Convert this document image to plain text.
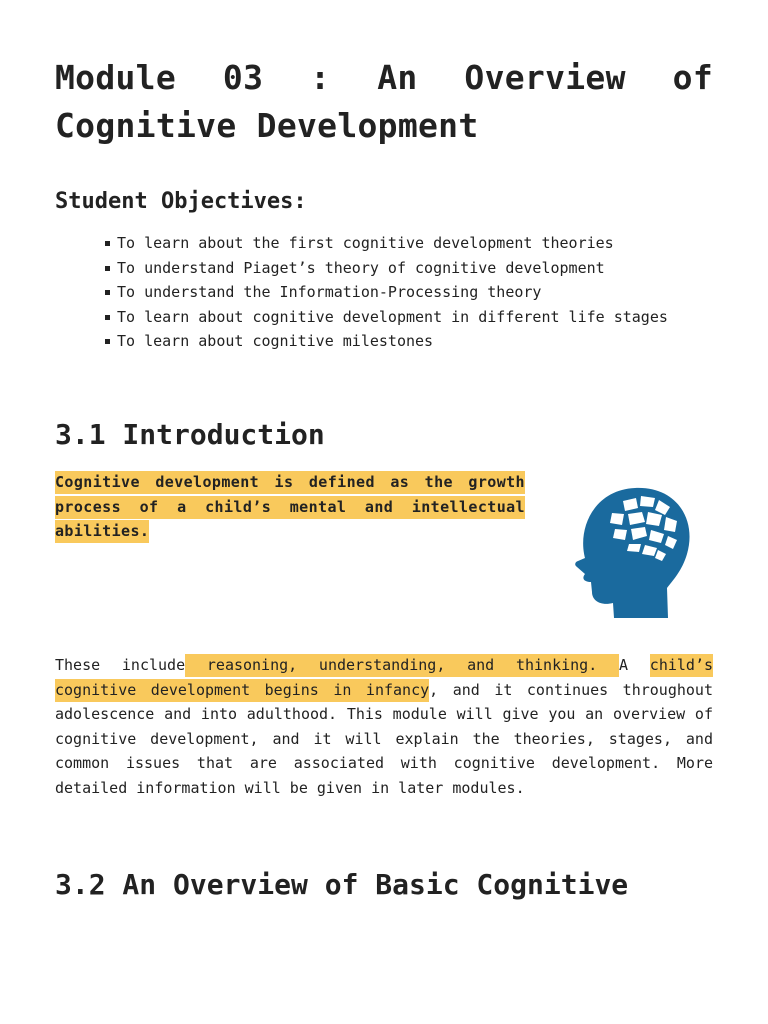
Module 03 : An Overview of Cognitive Development
Student Objectives:
To learn about the first cognitive development theories
To understand Piaget’s theory of cognitive development
To understand the Information-Processing theory
To learn about cognitive development in different life stages
To learn about cognitive milestones
3.1 Introduction

Cognitive development is defined as the growth process of a child’s mental and intellectual abilities.

These include reasoning, understanding, and thinking. A child’s cognitive development begins in infancy, and it continues throughout adolescence and into adulthood. This module will give you an overview of cognitive development, and it will explain the theories, stages, and common issues that are associated with cognitive development. More detailed information will be given in later modules.

3.2 An Overview of Basic Cognitive
